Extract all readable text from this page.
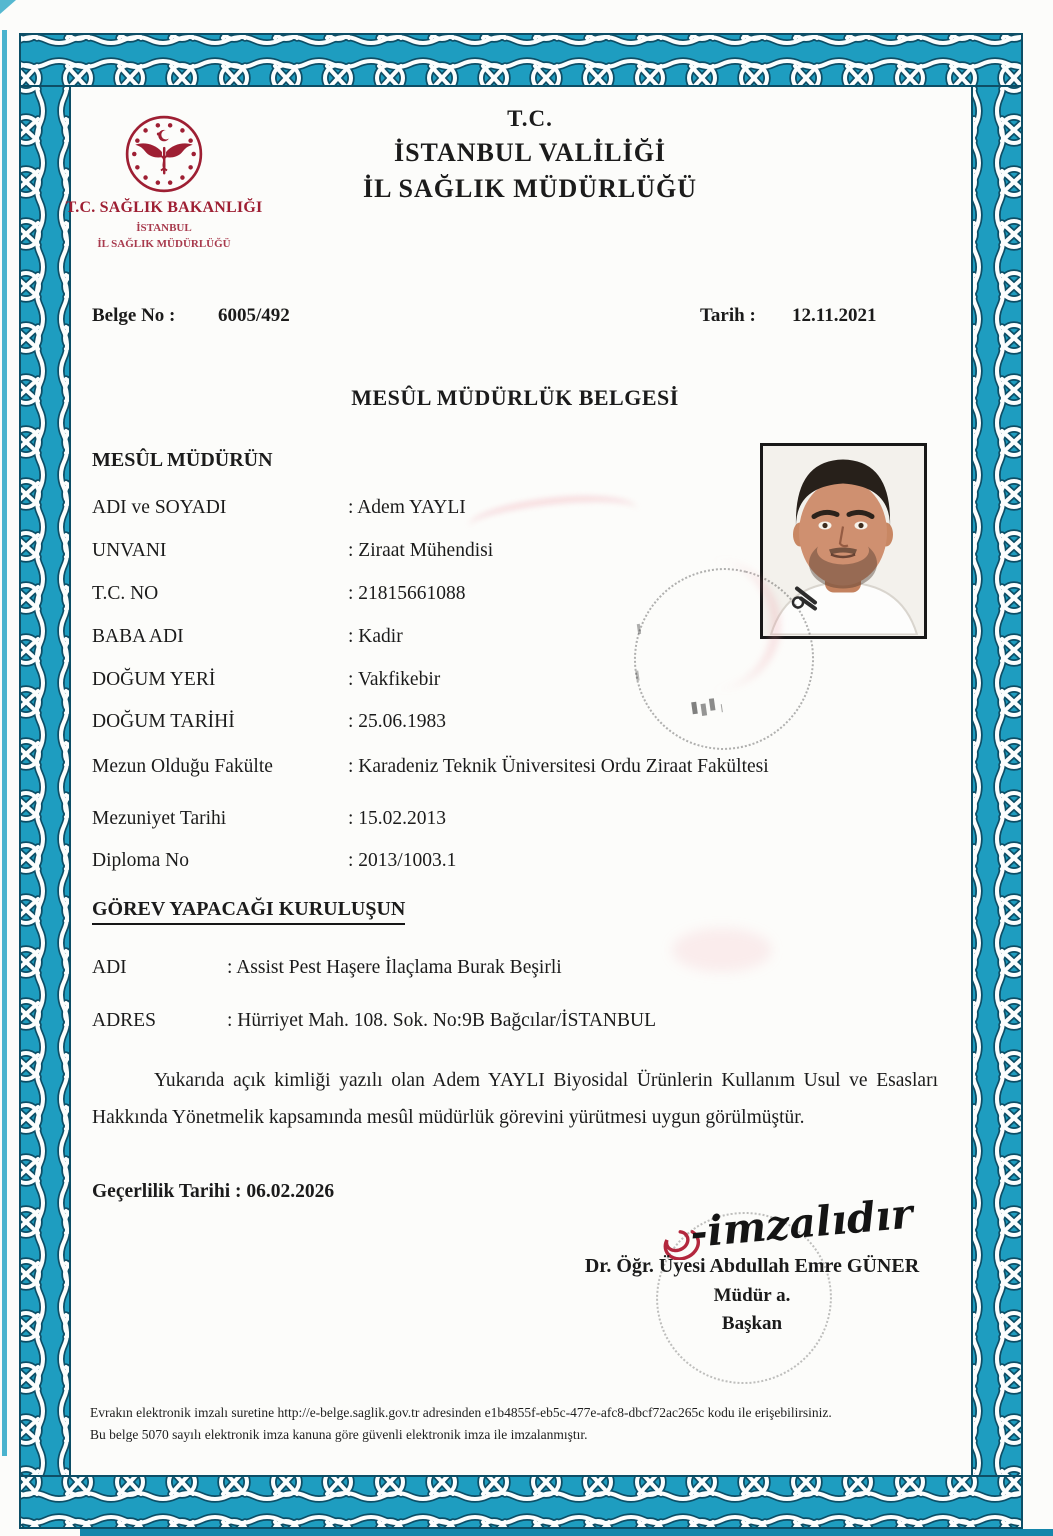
T.C. SAĞLIK BAKANLIĞI
İSTANBUL
İL SAĞLIK MÜDÜRLÜĞÜ
T.C.
İSTANBUL VALİLİĞİ
İL SAĞLIK MÜDÜRLÜĞÜ
Belge No : 6005/492	Tarih : 12.11.2021
MESÛL MÜDÜRLÜK BELGESİ
MESÛL MÜDÜRÜN
ADI ve SOYADI	: Adem YAYLI
UNVANI	: Ziraat Mühendisi
T.C. NO	: 21815661088
BABA ADI	: Kadir
DOĞUM YERİ	: Vakfikebir
DOĞUM TARİHİ	: 25.06.1983
Mezun Olduğu Fakülte	: Karadeniz Teknik Üniversitesi Ordu Ziraat Fakültesi
Mezuniyet Tarihi	: 15.02.2013
Diploma No	: 2013/1003.1
GÖREV YAPACAĞI KURULUŞUN
ADI	: Assist Pest Haşere İlaçlama Burak Beşirli
ADRES	: Hürriyet Mah. 108. Sok. No:9B Bağcılar/İSTANBUL
Yukarıda açık kimliği yazılı olan Adem YAYLI Biyosidal Ürünlerin Kullanım Usul ve Esasları Hakkında Yönetmelik kapsamında mesûl müdürlük görevini yürütmesi uygun görülmüştür.
Geçerlilik Tarihi : 06.02.2026	-imzalıdır
Dr. Öğr. Üyesi Abdullah Emre GÜNER
Müdür a.
Başkan
Evrakın elektronik imzalı suretine http://e-belge.saglik.gov.tr adresinden e1b4855f-eb5c-477e-afc8-dbcf72ac265c kodu ile erişebilirsiniz.
Bu belge 5070 sayılı elektronik imza kanuna göre güvenli elektronik imza ile imzalanmıştır.
